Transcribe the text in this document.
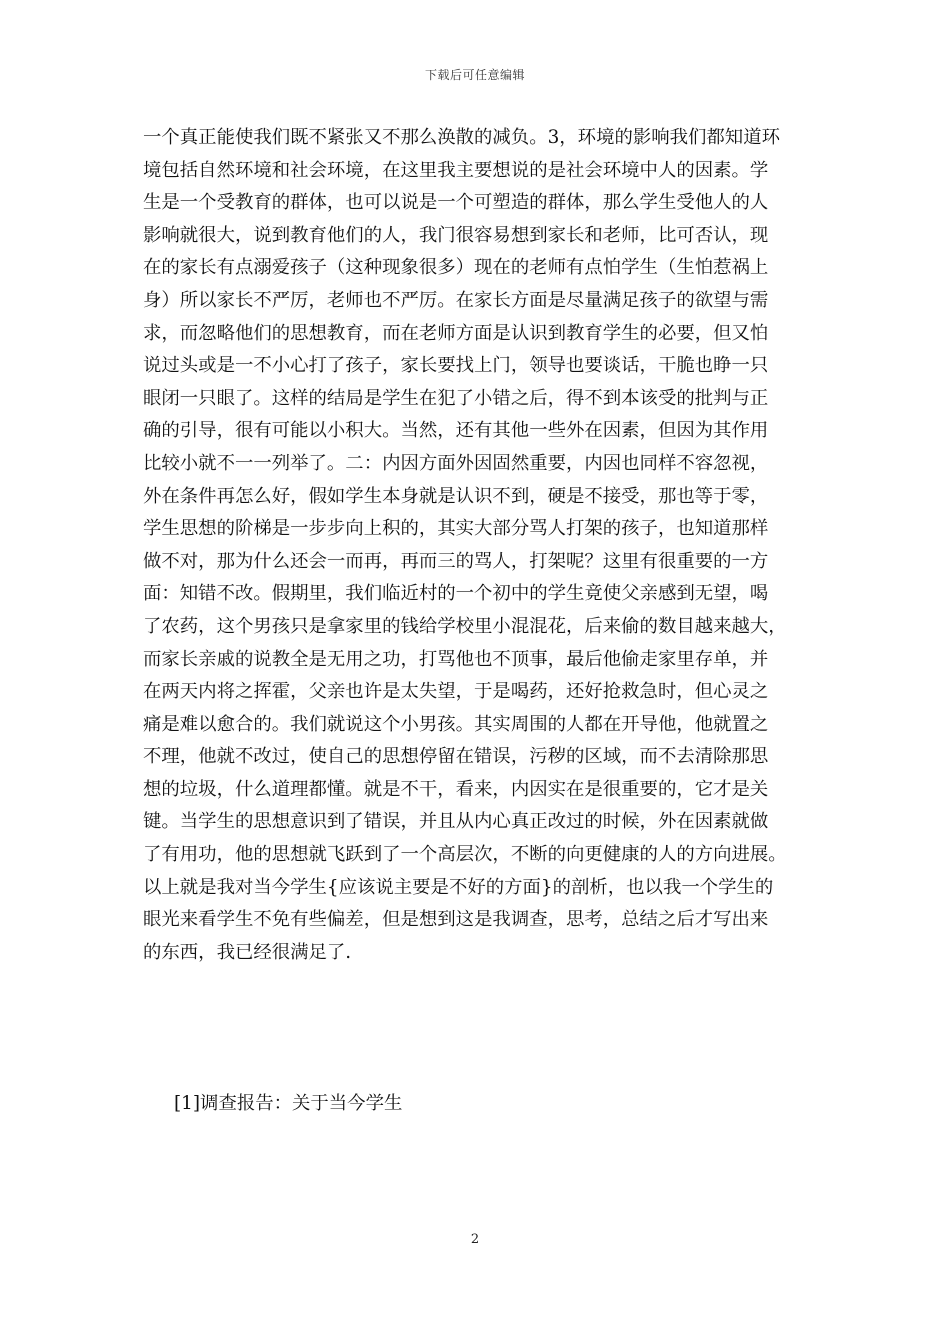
下载后可任意编辑
一个真正能使我们既不紧张又不那么涣散的减负。3，环境的影响我们都知道环
境包括自然环境和社会环境，在这里我主要想说的是社会环境中人的因素。学
生是一个受教育的群体，也可以说是一个可塑造的群体，那么学生受他人的人
影响就很大，说到教育他们的人，我门很容易想到家长和老师，比可否认，现
在的家长有点溺爱孩子（这种现象很多）现在的老师有点怕学生（生怕惹祸上
身）所以家长不严厉，老师也不严厉。在家长方面是尽量满足孩子的欲望与需
求，而忽略他们的思想教育，而在老师方面是认识到教育学生的必要，但又怕
说过头或是一不小心打了孩子，家长要找上门，领导也要谈话，干脆也睁一只
眼闭一只眼了。这样的结局是学生在犯了小错之后，得不到本该受的批判与正
确的引导，很有可能以小积大。当然，还有其他一些外在因素，但因为其作用
比较小就不一一列举了。二：内因方面外因固然重要，内因也同样不容忽视，
外在条件再怎么好，假如学生本身就是认识不到，硬是不接受，那也等于零，
学生思想的阶梯是一步步向上积的，其实大部分骂人打架的孩子，也知道那样
做不对，那为什么还会一而再，再而三的骂人，打架呢？这里有很重要的一方
面：知错不改。假期里，我们临近村的一个初中的学生竟使父亲感到无望，喝
了农药，这个男孩只是拿家里的钱给学校里小混混花，后来偷的数目越来越大，
而家长亲戚的说教全是无用之功，打骂他也不顶事，最后他偷走家里存单，并
在两天内将之挥霍，父亲也许是太失望，于是喝药，还好抢救急时，但心灵之
痛是难以愈合的。我们就说这个小男孩。其实周围的人都在开导他，他就置之
不理，他就不改过，使自己的思想停留在错误，污秽的区域，而不去清除那思
想的垃圾，什么道理都懂。就是不干，看来，内因实在是很重要的，它才是关
键。当学生的思想意识到了错误，并且从内心真正改过的时候，外在因素就做
了有用功，他的思想就飞跃到了一个高层次，不断的向更健康的人的方向进展。
以上就是我对当今学生{应该说主要是不好的方面}的剖析，也以我一个学生的
眼光来看学生不免有些偏差，但是想到这是我调查，思考，总结之后才写出来
的东西，我已经很满足了.
[1]调查报告：关于当今学生
2
